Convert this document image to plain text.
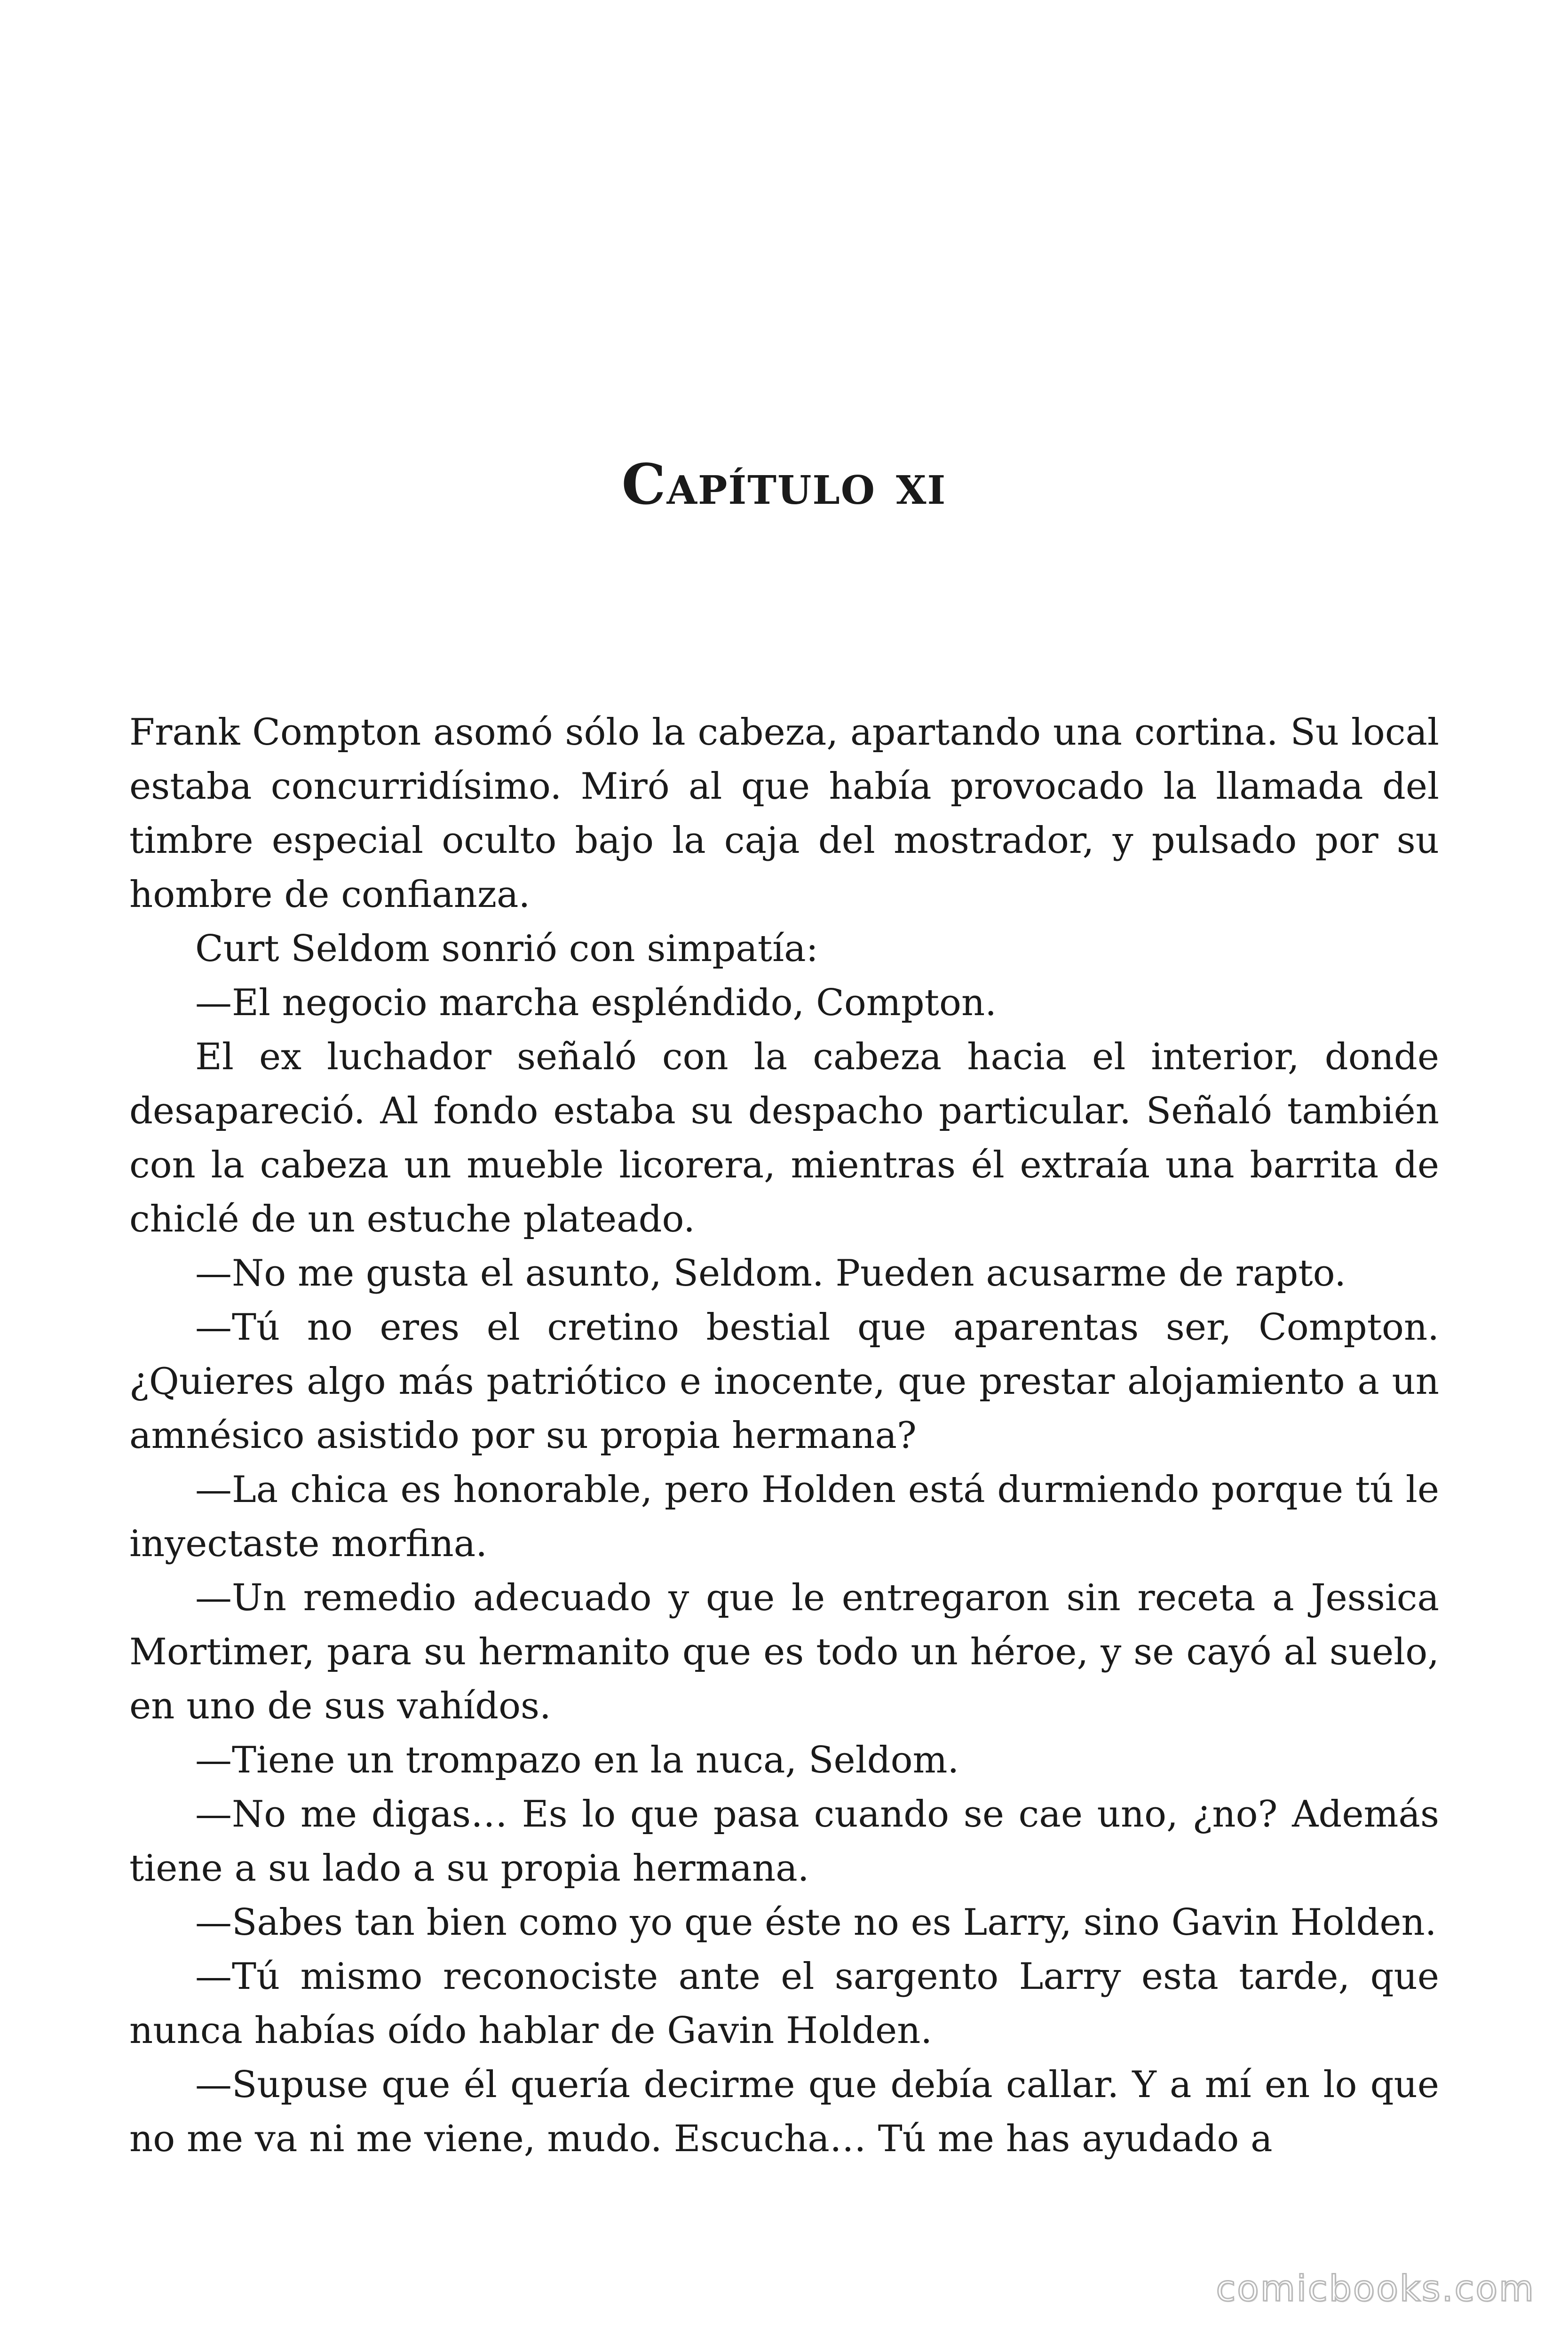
Capítulo xi

Frank Compton asomó sólo la cabeza, apartando una cortina. Su local estaba concurridísimo. Miró al que había provocado la llamada del timbre especial oculto bajo la caja del mostrador, y pulsado por su hombre de confianza.

Curt Seldom sonrió con simpatía:

—El negocio marcha espléndido, Compton.

El ex luchador señaló con la cabeza hacia el interior, donde desapareció. Al fondo estaba su despacho particular. Señaló también con la cabeza un mueble licorera, mientras él extraía una barrita de chiclé de un estuche plateado.

—No me gusta el asunto, Seldom. Pueden acusarme de rapto.

—Tú no eres el cretino bestial que aparentas ser, Compton. ¿Quieres algo más patriótico e inocente, que prestar alojamiento a un amnésico asistido por su propia hermana?

—La chica es honorable, pero Holden está durmiendo porque tú le inyectaste morfina.

—Un remedio adecuado y que le entregaron sin receta a Jessica Mortimer, para su hermanito que es todo un héroe, y se cayó al suelo, en uno de sus vahídos.

—Tiene un trompazo en la nuca, Seldom.

—No me digas… Es lo que pasa cuando se cae uno, ¿no? Además tiene a su lado a su propia hermana.

—Sabes tan bien como yo que éste no es Larry, sino Gavin Holden.

—Tú mismo reconociste ante el sargento Larry esta tarde, que nunca habías oído hablar de Gavin Holden.

—Supuse que él quería decirme que debía callar. Y a mí en lo que no me va ni me viene, mudo. Escucha… Tú me has ayudado a

comicbooks.com
